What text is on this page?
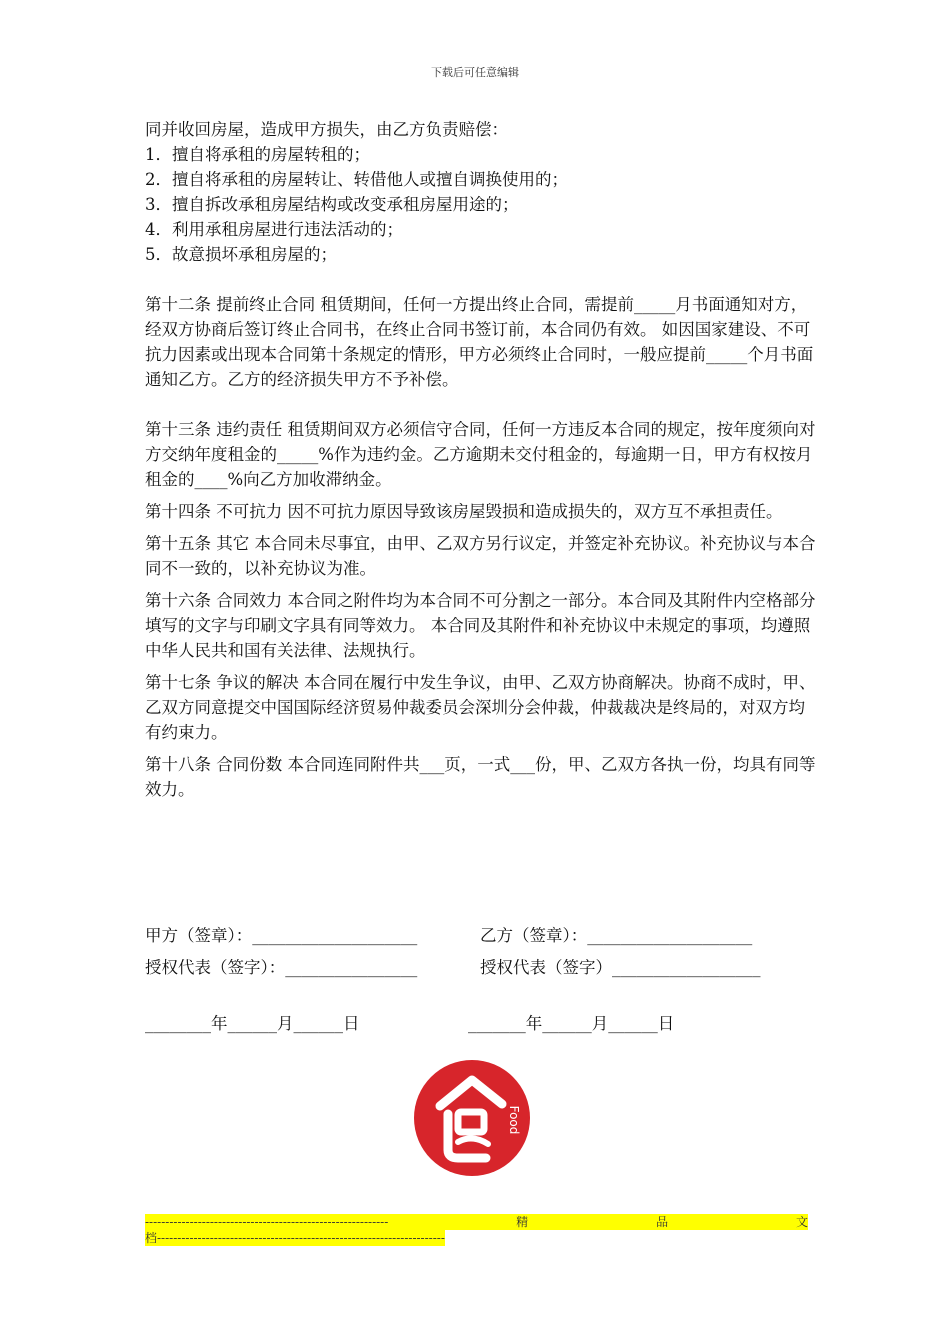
下载后可任意编辑

同并收回房屋，造成甲方损失，由乙方负责赔偿：

1．擅自将承租的房屋转租的；

2．擅自将承租的房屋转让、转借他人或擅自调换使用的；

3．擅自拆改承租房屋结构或改变承租房屋用途的；

4．利用承租房屋进行违法活动的；

5．故意损坏承租房屋的；

第十二条 提前终止合同 租赁期间，任何一方提出终止合同，需提前_____月书面通知对方，经双方协商后签订终止合同书，在终止合同书签订前，本合同仍有效。 如因国家建设、不可抗力因素或出现本合同第十条规定的情形，甲方必须终止合同时，一般应提前_____个月书面通知乙方。乙方的经济损失甲方不予补偿。

第十三条 违约责任 租赁期间双方必须信守合同，任何一方违反本合同的规定，按年度须向对方交纳年度租金的_____%作为违约金。乙方逾期未交付租金的，每逾期一日，甲方有权按月租金的____%向乙方加收滞纳金。

第十四条 不可抗力 因不可抗力原因导致该房屋毁损和造成损失的，双方互不承担责任。

第十五条 其它 本合同未尽事宜，由甲、乙双方另行议定，并签定补充协议。补充协议与本合同不一致的，以补充协议为准。

第十六条 合同效力 本合同之附件均为本合同不可分割之一部分。本合同及其附件内空格部分填写的文字与印刷文字具有同等效力。 本合同及其附件和补充协议中未规定的事项，均遵照中华人民共和国有关法律、法规执行。

第十七条 争议的解决 本合同在履行中发生争议，由甲、乙双方协商解决。协商不成时，甲、乙双方同意提交中国国际经济贸易仲裁委员会深圳分会仲裁，仲裁裁决是终局的，对双方均有约束力。

第十八条 合同份数 本合同连同附件共___页，一式___份，甲、乙双方各执一份，均具有同等 效力。

甲方（签章）：____________________	乙方（签章）：____________________
授权代表（签字）：________________	授权代表（签字）__________________
________年______月______日	_______年______月______日
Food
------------------------------------------------------------	精	品	文
档-----------------------------------------------------------------------
